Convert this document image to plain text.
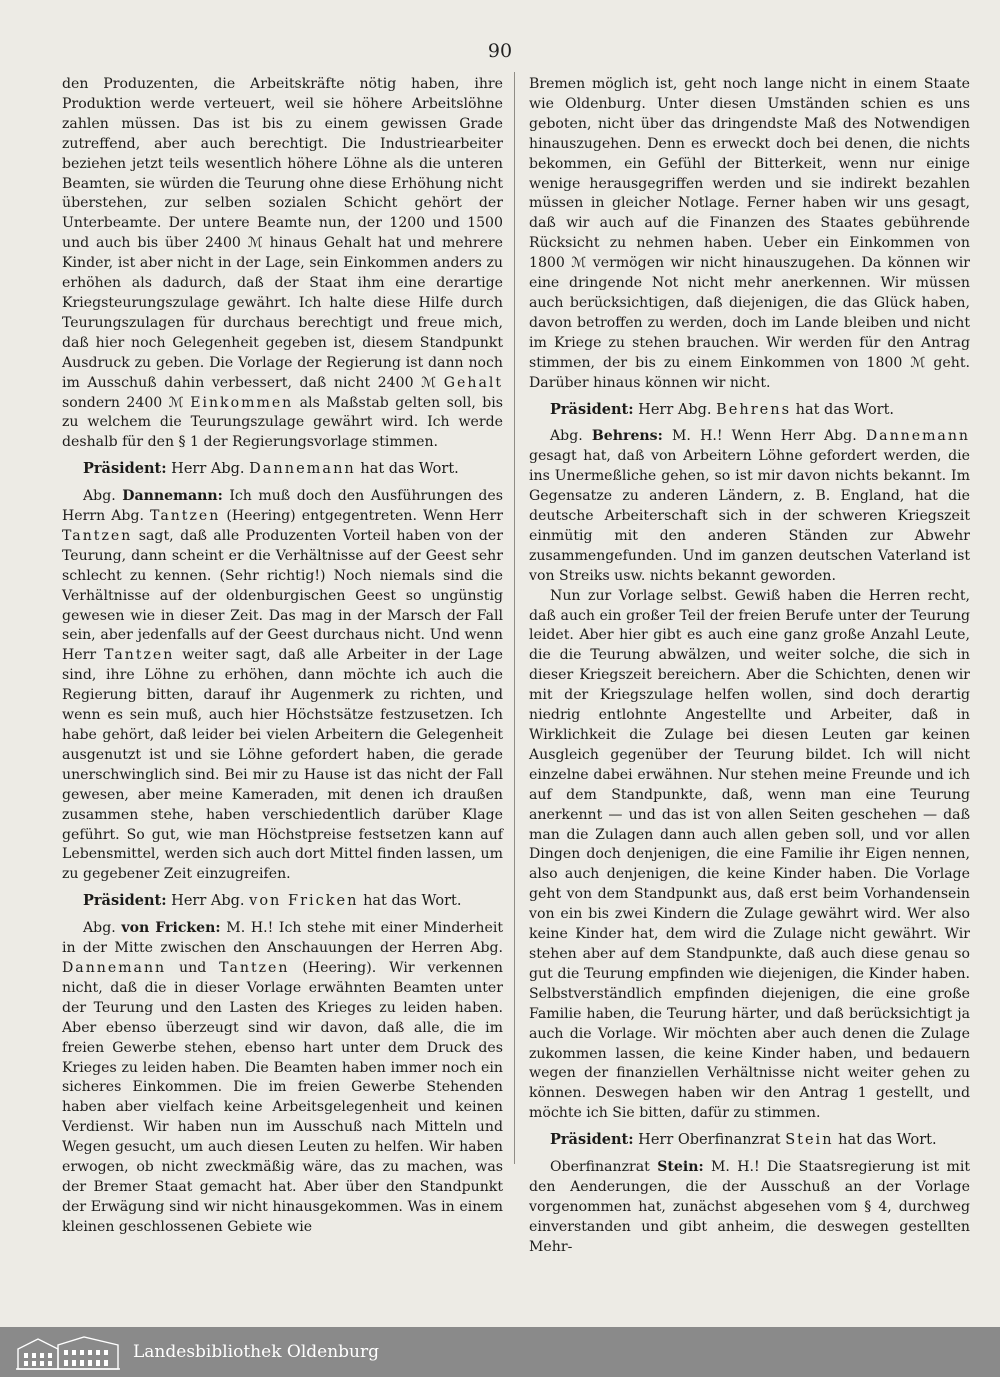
90

den Produzenten, die Arbeitskräfte nötig haben, ihre Produktion werde verteuert, weil sie höhere Arbeitslöhne zahlen müssen. Das ist bis zu einem gewissen Grade zutreffend, aber auch berechtigt. Die Industriearbeiter beziehen jetzt teils wesentlich höhere Löhne als die unteren Beamten, sie würden die Teurung ohne diese Erhöhung nicht überstehen, zur selben sozialen Schicht gehört der Unterbeamte. Der untere Beamte nun, der 1200 und 1500 und auch bis über 2400 ℳ hinaus Gehalt hat und mehrere Kinder, ist aber nicht in der Lage, sein Einkommen anders zu erhöhen als dadurch, daß der Staat ihm eine derartige Kriegsteurungszulage gewährt. Ich halte diese Hilfe durch Teurungszulagen für durchaus berechtigt und freue mich, daß hier noch Gelegenheit gegeben ist, diesem Standpunkt Ausdruck zu geben. Die Vorlage der Regierung ist dann noch im Ausschuß dahin verbessert, daß nicht 2400 ℳ Gehalt sondern 2400 ℳ Einkommen als Maßstab gelten soll, bis zu welchem die Teurungszulage gewährt wird. Ich werde deshalb für den § 1 der Regierungsvorlage stimmen.

Präsident: Herr Abg. Dannemann hat das Wort.

Abg. Dannemann: Ich muß doch den Ausführungen des Herrn Abg. Tantzen (Heering) entgegentreten. Wenn Herr Tantzen sagt, daß alle Produzenten Vorteil haben von der Teurung, dann scheint er die Verhältnisse auf der Geest sehr schlecht zu kennen. (Sehr richtig!) Noch niemals sind die Verhältnisse auf der oldenburgischen Geest so ungünstig gewesen wie in dieser Zeit. Das mag in der Marsch der Fall sein, aber jedenfalls auf der Geest durchaus nicht. Und wenn Herr Tantzen weiter sagt, daß alle Arbeiter in der Lage sind, ihre Löhne zu erhöhen, dann möchte ich auch die Regierung bitten, darauf ihr Augenmerk zu richten, und wenn es sein muß, auch hier Höchstsätze festzusetzen. Ich habe gehört, daß leider bei vielen Arbeitern die Gelegenheit ausgenutzt ist und sie Löhne gefordert haben, die gerade unerschwinglich sind. Bei mir zu Hause ist das nicht der Fall gewesen, aber meine Kameraden, mit denen ich draußen zusammen stehe, haben verschiedentlich darüber Klage geführt. So gut, wie man Höchstpreise festsetzen kann auf Lebensmittel, werden sich auch dort Mittel finden lassen, um zu gegebener Zeit einzugreifen.

Präsident: Herr Abg. von Fricken hat das Wort.

Abg. von Fricken: M. H.! Ich stehe mit einer Minderheit in der Mitte zwischen den Anschauungen der Herren Abg. Dannemann und Tantzen (Heering). Wir verkennen nicht, daß die in dieser Vorlage erwähnten Beamten unter der Teurung und den Lasten des Krieges zu leiden haben. Aber ebenso überzeugt sind wir davon, daß alle, die im freien Gewerbe stehen, ebenso hart unter dem Druck des Krieges zu leiden haben. Die Beamten haben immer noch ein sicheres Einkommen. Die im freien Gewerbe Stehenden haben aber vielfach keine Arbeitsgelegenheit und keinen Verdienst. Wir haben nun im Ausschuß nach Mitteln und Wegen gesucht, um auch diesen Leuten zu helfen. Wir haben erwogen, ob nicht zweckmäßig wäre, das zu machen, was der Bremer Staat gemacht hat. Aber über den Standpunkt der Erwägung sind wir nicht hinausgekommen. Was in einem kleinen geschlossenen Gebiete wie

Bremen möglich ist, geht noch lange nicht in einem Staate wie Oldenburg. Unter diesen Umständen schien es uns geboten, nicht über das dringendste Maß des Notwendigen hinauszugehen. Denn es erweckt doch bei denen, die nichts bekommen, ein Gefühl der Bitterkeit, wenn nur einige wenige herausgegriffen werden und sie indirekt bezahlen müssen in gleicher Notlage. Ferner haben wir uns gesagt, daß wir auch auf die Finanzen des Staates gebührende Rücksicht zu nehmen haben. Ueber ein Einkommen von 1800 ℳ vermögen wir nicht hinauszugehen. Da können wir eine dringende Not nicht mehr anerkennen. Wir müssen auch berücksichtigen, daß diejenigen, die das Glück haben, davon betroffen zu werden, doch im Lande bleiben und nicht im Kriege zu stehen brauchen. Wir werden für den Antrag stimmen, der bis zu einem Einkommen von 1800 ℳ geht. Darüber hinaus können wir nicht.

Präsident: Herr Abg. Behrens hat das Wort.

Abg. Behrens: M. H.! Wenn Herr Abg. Dannemann gesagt hat, daß von Arbeitern Löhne gefordert werden, die ins Unermeßliche gehen, so ist mir davon nichts bekannt. Im Gegensatze zu anderen Ländern, z. B. England, hat die deutsche Arbeiterschaft sich in der schweren Kriegszeit einmütig mit den anderen Ständen zur Abwehr zusammengefunden. Und im ganzen deutschen Vaterland ist von Streiks usw. nichts bekannt geworden.

Nun zur Vorlage selbst. Gewiß haben die Herren recht, daß auch ein großer Teil der freien Berufe unter der Teurung leidet. Aber hier gibt es auch eine ganz große Anzahl Leute, die die Teurung abwälzen, und weiter solche, die sich in dieser Kriegszeit bereichern. Aber die Schichten, denen wir mit der Kriegszulage helfen wollen, sind doch derartig niedrig entlohnte Angestellte und Arbeiter, daß in Wirklichkeit die Zulage bei diesen Leuten gar keinen Ausgleich gegenüber der Teurung bildet. Ich will nicht einzelne dabei erwähnen. Nur stehen meine Freunde und ich auf dem Standpunkte, daß, wenn man eine Teurung anerkennt — und das ist von allen Seiten geschehen — daß man die Zulagen dann auch allen geben soll, und vor allen Dingen doch denjenigen, die eine Familie ihr Eigen nennen, also auch denjenigen, die keine Kinder haben. Die Vorlage geht von dem Standpunkt aus, daß erst beim Vorhandensein von ein bis zwei Kindern die Zulage gewährt wird. Wer also keine Kinder hat, dem wird die Zulage nicht gewährt. Wir stehen aber auf dem Standpunkte, daß auch diese genau so gut die Teurung empfinden wie diejenigen, die Kinder haben. Selbstverständlich empfinden diejenigen, die eine große Familie haben, die Teurung härter, und daß berücksichtigt ja auch die Vorlage. Wir möchten aber auch denen die Zulage zukommen lassen, die keine Kinder haben, und bedauern wegen der finanziellen Verhältnisse nicht weiter gehen zu können. Deswegen haben wir den Antrag 1 gestellt, und möchte ich Sie bitten, dafür zu stimmen.

Präsident: Herr Oberfinanzrat Stein hat das Wort.

Oberfinanzrat Stein: M. H.! Die Staatsregierung ist mit den Aenderungen, die der Ausschuß an der Vorlage vorgenommen hat, zunächst abgesehen vom § 4, durchweg einverstanden und gibt anheim, die deswegen gestellten Mehr-

Landesbibliothek Oldenburg
